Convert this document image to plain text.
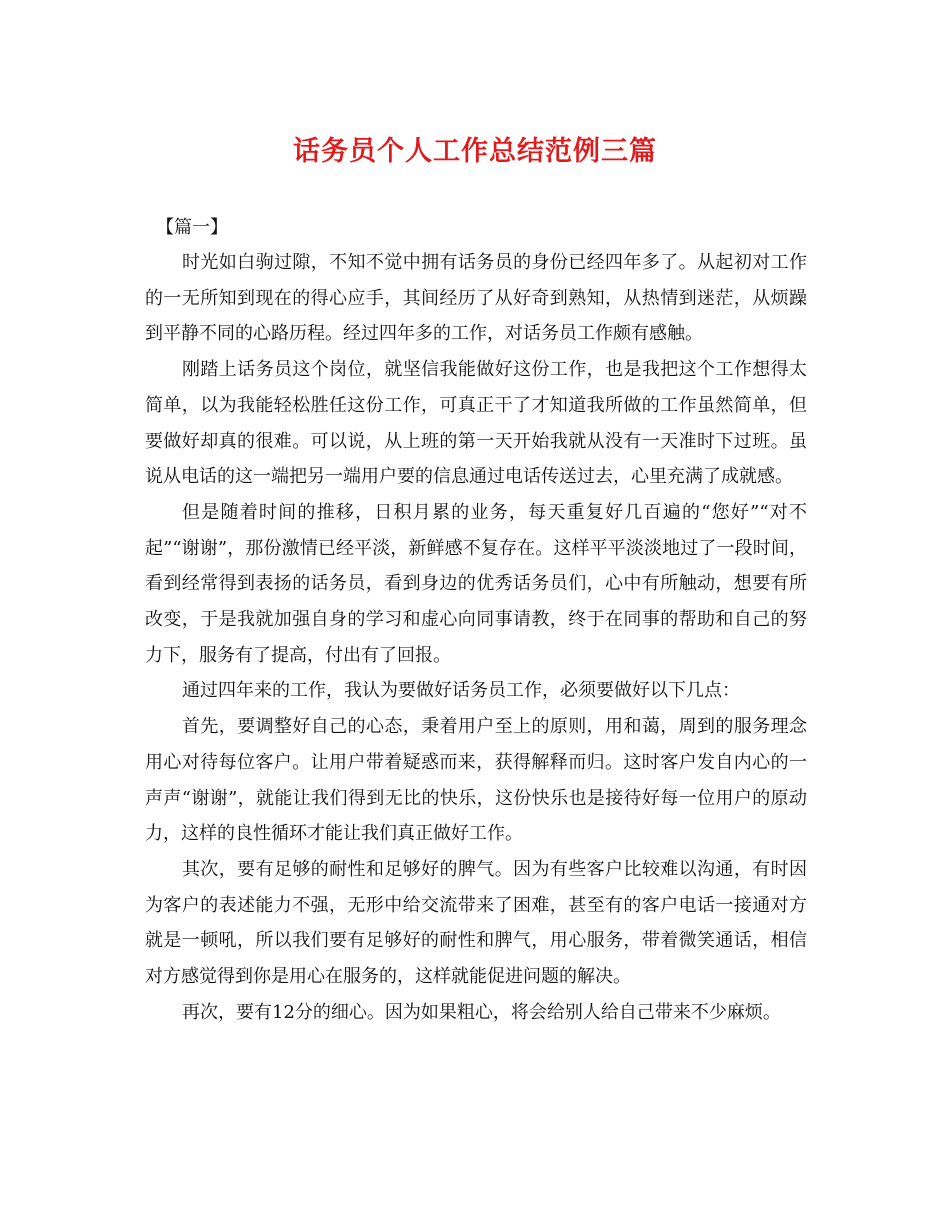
话务员个人工作总结范例三篇

【篇一】

时光如白驹过隙，不知不觉中拥有话务员的身份已经四年多了。从起初对工作的一无所知到现在的得心应手，其间经历了从好奇到熟知，从热情到迷茫，从烦躁到平静不同的心路历程。经过四年多的工作，对话务员工作颇有感触。

刚踏上话务员这个岗位，就坚信我能做好这份工作，也是我把这个工作想得太简单，以为我能轻松胜任这份工作，可真正干了才知道我所做的工作虽然简单，但要做好却真的很难。可以说，从上班的第一天开始我就从没有一天准时下过班。虽说从电话的这一端把另一端用户要的信息通过电话传送过去，心里充满了成就感。

但是随着时间的推移，日积月累的业务，每天重复好几百遍的“您好”“对不起”“谢谢”，那份激情已经平淡，新鲜感不复存在。这样平平淡淡地过了一段时间，看到经常得到表扬的话务员，看到身边的优秀话务员们，心中有所触动，想要有所改变，于是我就加强自身的学习和虚心向同事请教，终于在同事的帮助和自己的努力下，服务有了提高，付出有了回报。

通过四年来的工作，我认为要做好话务员工作，必须要做好以下几点：

首先，要调整好自己的心态，秉着用户至上的原则，用和蔼，周到的服务理念用心对待每位客户。让用户带着疑惑而来，获得解释而归。这时客户发自内心的一声声“谢谢”，就能让我们得到无比的快乐，这份快乐也是接待好每一位用户的原动力，这样的良性循环才能让我们真正做好工作。

其次，要有足够的耐性和足够好的脾气。因为有些客户比较难以沟通，有时因为客户的表述能力不强，无形中给交流带来了困难，甚至有的客户电话一接通对方就是一顿吼，所以我们要有足够好的耐性和脾气，用心服务，带着微笑通话，相信对方感觉得到你是用心在服务的，这样就能促进问题的解决。

再次，要有12分的细心。因为如果粗心，将会给别人给自己带来不少麻烦。
